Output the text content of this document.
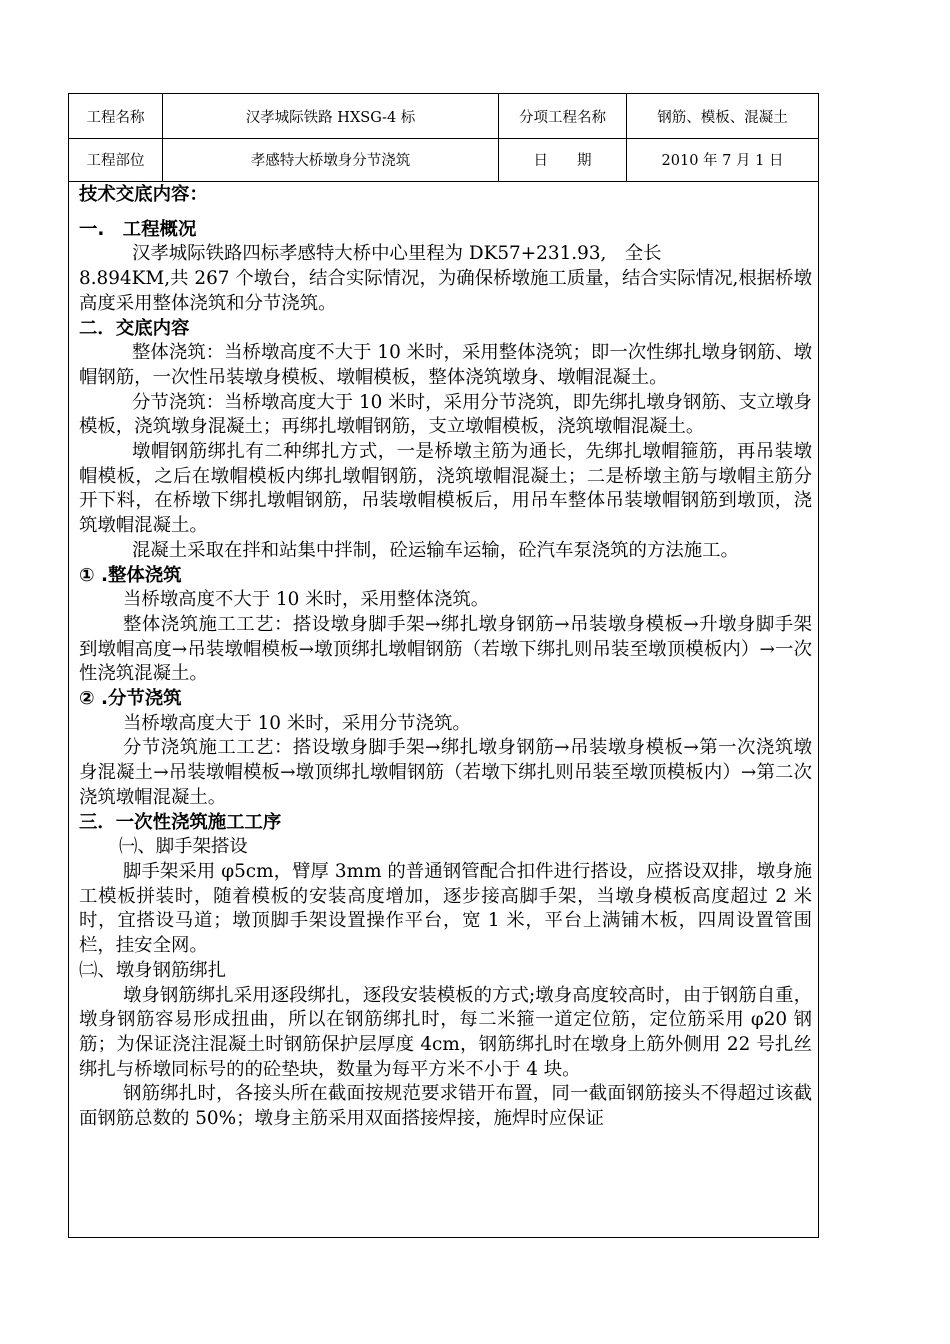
工程名称	汉孝城际铁路 HXSG-4 标	分项工程名称	钢筋、模板、混凝土
工程部位	孝感特大桥墩身分节浇筑	日　　期	2010 年 7 月 1 日

技术交底内容：

一.　工程概况

汉孝城际铁路四标孝感特大桥中心里程为 DK57+231.93,　全长

8.894KM,共 267 个墩台，结合实际情况，为确保桥墩施工质量，结合实际情况,根据桥墩高度采用整体浇筑和分节浇筑。

二．交底内容

整体浇筑：当桥墩高度不大于 10 米时，采用整体浇筑；即一次性绑扎墩身钢筋、墩帽钢筋，一次性吊装墩身模板、墩帽模板，整体浇筑墩身、墩帽混凝土。

分节浇筑：当桥墩高度大于 10 米时，采用分节浇筑，即先绑扎墩身钢筋、支立墩身模板，浇筑墩身混凝土；再绑扎墩帽钢筋，支立墩帽模板，浇筑墩帽混凝土。

墩帽钢筋绑扎有二种绑扎方式，一是桥墩主筋为通长，先绑扎墩帽箍筋，再吊装墩帽模板，之后在墩帽模板内绑扎墩帽钢筋，浇筑墩帽混凝土；二是桥墩主筋与墩帽主筋分开下料，在桥墩下绑扎墩帽钢筋，吊装墩帽模板后，用吊车整体吊装墩帽钢筋到墩顶，浇筑墩帽混凝土。

混凝土采取在拌和站集中拌制，砼运输车运输，砼汽车泵浇筑的方法施工。

① .整体浇筑

当桥墩高度不大于 10 米时，采用整体浇筑。

整体浇筑施工工艺：搭设墩身脚手架→绑扎墩身钢筋→吊装墩身模板→升墩身脚手架到墩帽高度→吊装墩帽模板→墩顶绑扎墩帽钢筋（若墩下绑扎则吊装至墩顶模板内）→一次性浇筑混凝土。

② .分节浇筑

当桥墩高度大于 10 米时，采用分节浇筑。

分节浇筑施工工艺：搭设墩身脚手架→绑扎墩身钢筋→吊装墩身模板→第一次浇筑墩身混凝土→吊装墩帽模板→墩顶绑扎墩帽钢筋（若墩下绑扎则吊装至墩顶模板内）→第二次浇筑墩帽混凝土。

三．一次性浇筑施工工序

㈠、脚手架搭设

脚手架采用 φ5cm，臂厚 3mm 的普通钢管配合扣件进行搭设，应搭设双排，墩身施工模板拼装时，随着模板的安装高度增加，逐步接高脚手架，当墩身模板高度超过 2 米时，宜搭设马道；墩顶脚手架设置操作平台，宽 1 米，平台上满铺木板，四周设置管围栏，挂安全网。

㈡、墩身钢筋绑扎

墩身钢筋绑扎采用逐段绑扎，逐段安装模板的方式;墩身高度较高时，由于钢筋自重，墩身钢筋容易形成扭曲，所以在钢筋绑扎时，每二米箍一道定位筋，定位筋采用 φ20 钢筋；为保证浇注混凝土时钢筋保护层厚度 4cm，钢筋绑扎时在墩身上筋外侧用 22 号扎丝绑扎与桥墩同标号的的砼垫块，数量为每平方米不小于 4 块。

钢筋绑扎时，各接头所在截面按规范要求错开布置，同一截面钢筋接头不得超过该截面钢筋总数的 50%；墩身主筋采用双面搭接焊接，施焊时应保证
